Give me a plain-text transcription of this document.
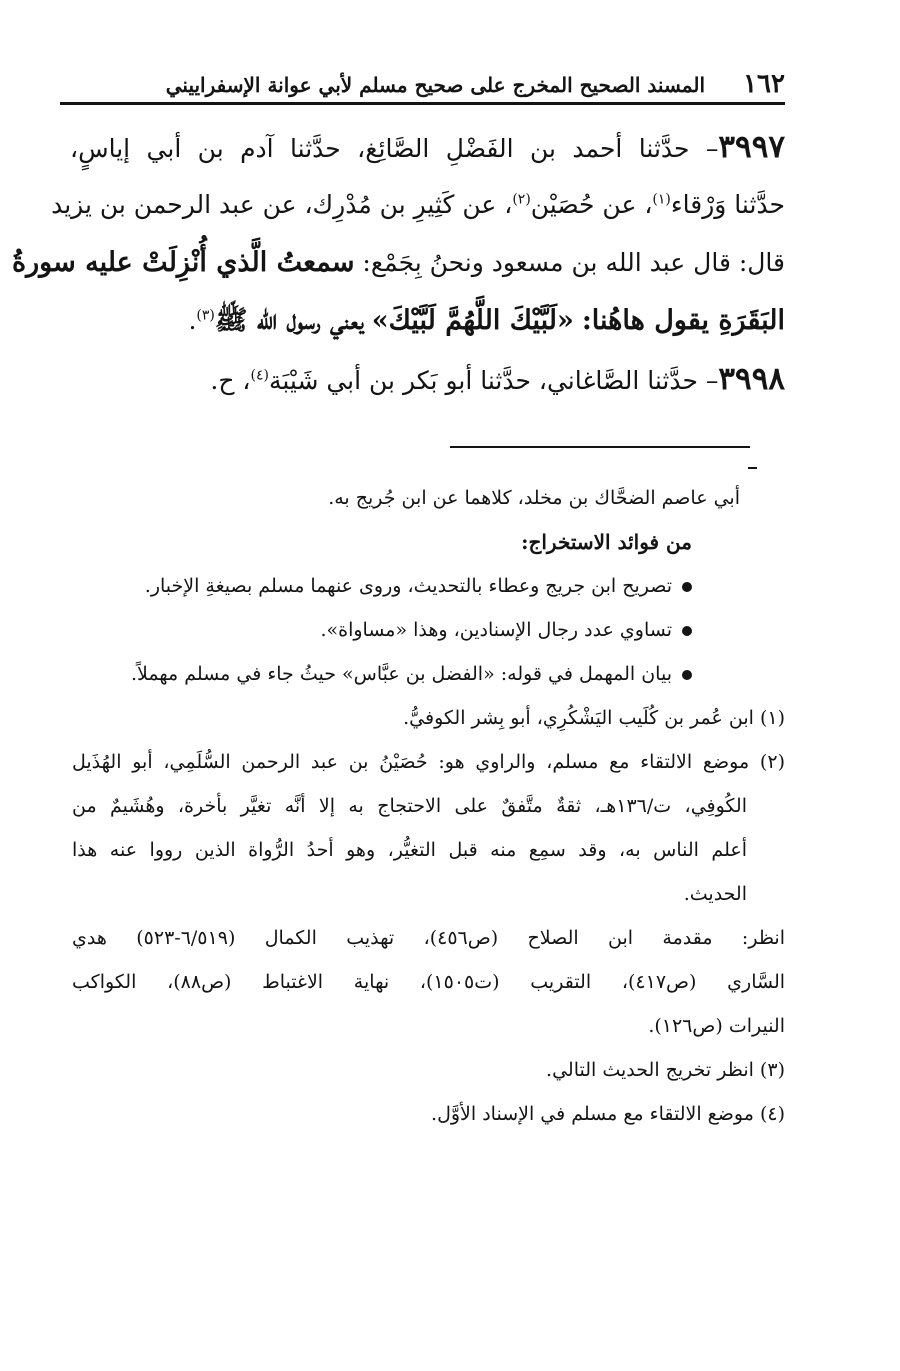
١٦٢
المسند الصحيح المخرج على صحيح مسلم لأبي عوانة الإسفراييني
٣٩٩٧– حدَّثنا أحمد بن الفَضْلِ الصَّائِغ، حدَّثنا آدم بن أبي إياسٍ،
حدَّثنا وَرْقاء$^{(١)}$، عن حُصَيْن$^{(٢)}$، عن كَثِيرِ بن مُدْرِك، عن عبد الرحمن بن يزيد
قال: قال عبد الله بن مسعود ونحنُ بِجَمْع: سمعتُ الَّذي أُنْزِلَتْ عليه سورةُ
البَقَرَةِ يقول هاهُنا: «لَبَّيْكَ اللَّهُمَّ لَبَّيْكَ» يعني رسول الله ﷺ$^{(٣)}$.
٣٩٩٨– حدَّثنا الصَّاغاني، حدَّثنا أبو بَكر بن أبي شَيْبَة$^{(٤)}$، ح.
أبي عاصم الضحَّاك بن مخلد، كلاهما عن ابن جُريج به.
من فوائد الاستخراج:
تصريح ابن جريج وعطاء بالتحديث، وروى عنهما مسلم بصيغةِ الإخبار.
تساوي عدد رجال الإسنادين، وهذا «مساواة».
بيان المهمل في قوله: «الفضل بن عبَّاس» حيثُ جاء في مسلم مهملاً.
(١) ابن عُمر بن كُلَيب اليَشْكُرِي، أبو بِشر الكوفيُّ.
(٢) موضع الالتقاء مع مسلم، والراوي هو: حُصَيْنُ بن عبد الرحمن السُّلَمِي، أبو الهُذَيل
الكُوفِي، ت/١٣٦هـ، ثقةٌ متَّفقٌ على الاحتجاج به إلا أنَّه تغيَّر بأخرة، وهُشَيمٌ من
أعلم الناس به، وقد سمِع منه قبل التغيُّر، وهو أحدُ الرُّواة الذين رووا عنه هذا
الحديث.
انظر: مقدمة ابن الصلاح (ص٤٥٦)، تهذيب الكمال (٦/٥١٩-٥٢٣) هدي
السَّاري (ص٤١٧)، التقريب (ت١٥٠٥)، نهاية الاغتباط (ص٨٨)، الكواكب
النيرات (ص١٢٦).
(٣) انظر تخريج الحديث التالي.
(٤) موضع الالتقاء مع مسلم في الإسناد الأوَّل.
